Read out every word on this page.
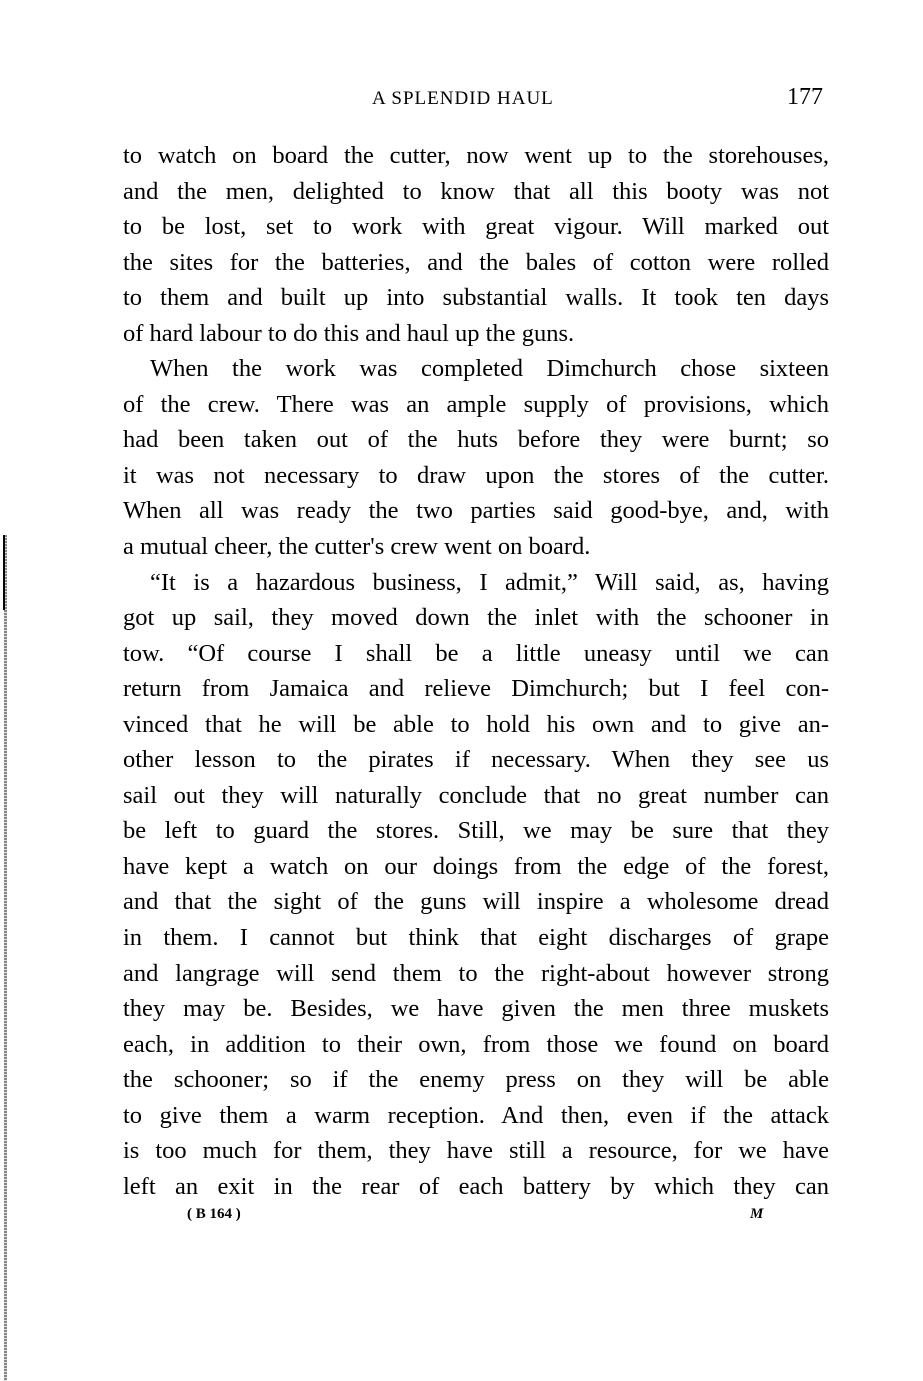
A SPLENDID HAUL	177
to watch on board the cutter, now went up to the storehouses,
and the men, delighted to know that all this booty was not
to be lost, set to work with great vigour. Will marked out
the sites for the batteries, and the bales of cotton were rolled
to them and built up into substantial walls. It took ten days
of hard labour to do this and haul up the guns.
When the work was completed Dimchurch chose sixteen
of the crew. There was an ample supply of provisions, which
had been taken out of the huts before they were burnt; so
it was not necessary to draw upon the stores of the cutter.
When all was ready the two parties said good-bye, and, with
a mutual cheer, the cutter's crew went on board.
“It is a hazardous business, I admit,” Will said, as, having
got up sail, they moved down the inlet with the schooner in
tow. “Of course I shall be a little uneasy until we can
return from Jamaica and relieve Dimchurch; but I feel con-
vinced that he will be able to hold his own and to give an-
other lesson to the pirates if necessary. When they see us
sail out they will naturally conclude that no great number can
be left to guard the stores. Still, we may be sure that they
have kept a watch on our doings from the edge of the forest,
and that the sight of the guns will inspire a wholesome dread
in them. I cannot but think that eight discharges of grape
and langrage will send them to the right-about however strong
they may be. Besides, we have given the men three muskets
each, in addition to their own, from those we found on board
the schooner; so if the enemy press on they will be able
to give them a warm reception. And then, even if the attack
is too much for them, they have still a resource, for we have
left an exit in the rear of each battery by which they can
( B 164 )	M
